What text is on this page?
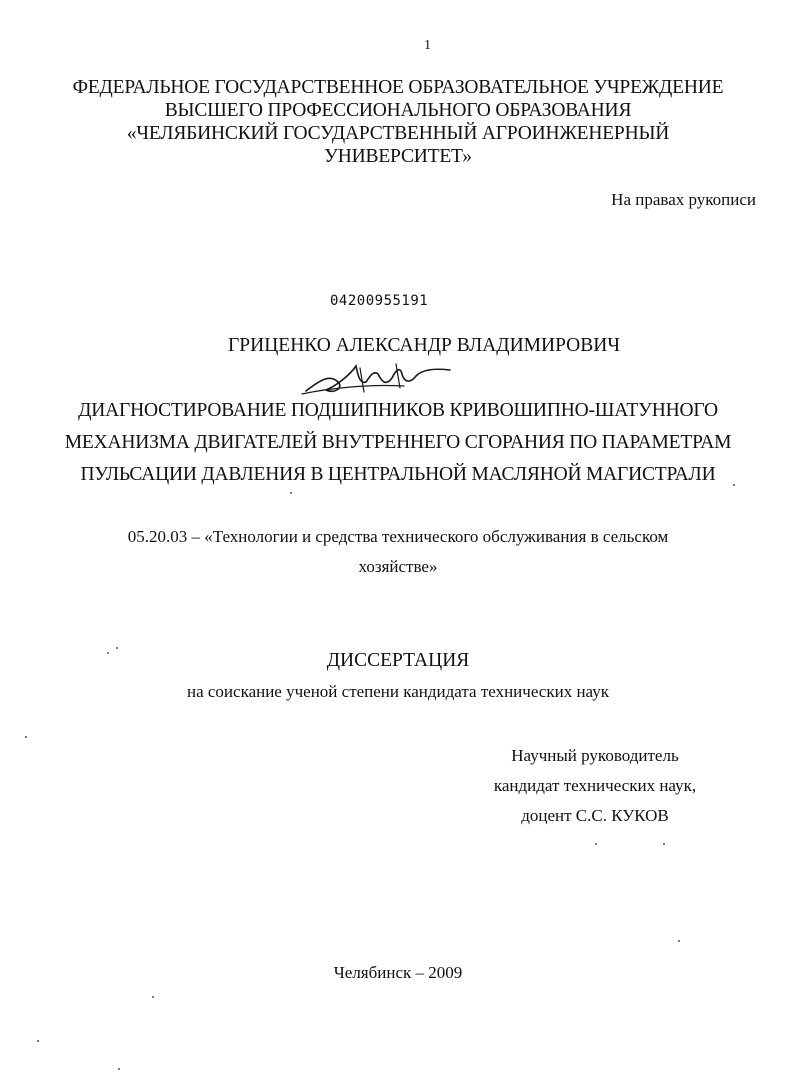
1
ФЕДЕРАЛЬНОЕ ГОСУДАРСТВЕННОЕ ОБРАЗОВАТЕЛЬНОЕ УЧРЕЖДЕНИЕ
ВЫСШЕГО ПРОФЕССИОНАЛЬНОГО ОБРАЗОВАНИЯ
«ЧЕЛЯБИНСКИЙ ГОСУДАРСТВЕННЫЙ АГРОИНЖЕНЕРНЫЙ
УНИВЕРСИТЕТ»
На правах рукописи
04200955191
ГРИЦЕНКО АЛЕКСАНДР ВЛАДИМИРОВИЧ
ДИАГНОСТИРОВАНИЕ ПОДШИПНИКОВ КРИВОШИПНО-ШАТУННОГО
МЕХАНИЗМА ДВИГАТЕЛЕЙ ВНУТРЕННЕГО СГОРАНИЯ ПО ПАРАМЕТРАМ
ПУЛЬСАЦИИ ДАВЛЕНИЯ В ЦЕНТРАЛЬНОЙ МАСЛЯНОЙ МАГИСТРАЛИ
05.20.03 – «Технологии и средства технического обслуживания в сельском
хозяйстве»
ДИССЕРТАЦИЯ
на соискание ученой степени кандидата технических наук
Научный руководитель
кандидат технических наук,
доцент С.С. КУКОВ
Челябинск – 2009
